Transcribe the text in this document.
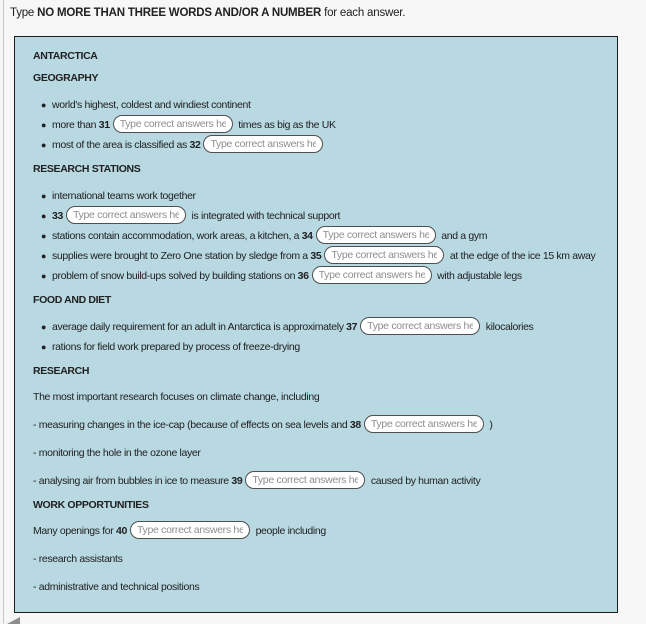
Type NO MORE THAN THREE WORDS AND/OR A NUMBER for each answer.

ANTARCTICA
GEOGRAPHY
● world's highest, coldest and windiest continent
● more than 31Type correct answers here	times as big as the UK
● most of the area is classified as 32Type correct answers here
RESEARCH STATIONS
● international teams work together
● 33Type correct answers here	is integrated with technical support
● stations contain accommodation, work areas, a kitchen, a 34Type correct answers here	and a gym
● supplies were brought to Zero One station by sledge from a 35Type correct answers here	at the edge of the ice 15 km away
● problem of snow build-ups solved by building stations on 36Type correct answers here	with adjustable legs
FOOD AND DIET
● average daily requirement for an adult in Antarctica is approximately 37Type correct answers here	kilocalories
● rations for field work prepared by process of freeze-drying
RESEARCH
The most important research focuses on climate change, including
- measuring changes in the ice-cap (because of effects on sea levels and 38Type correct answers here	)
- monitoring the hole in the ozone layer
- analysing air from bubbles in ice to measure 39Type correct answers here	caused by human activity
WORK OPPORTUNITIES
Many openings for 40Type correct answers here	people including
- research assistants
- administrative and technical positions
